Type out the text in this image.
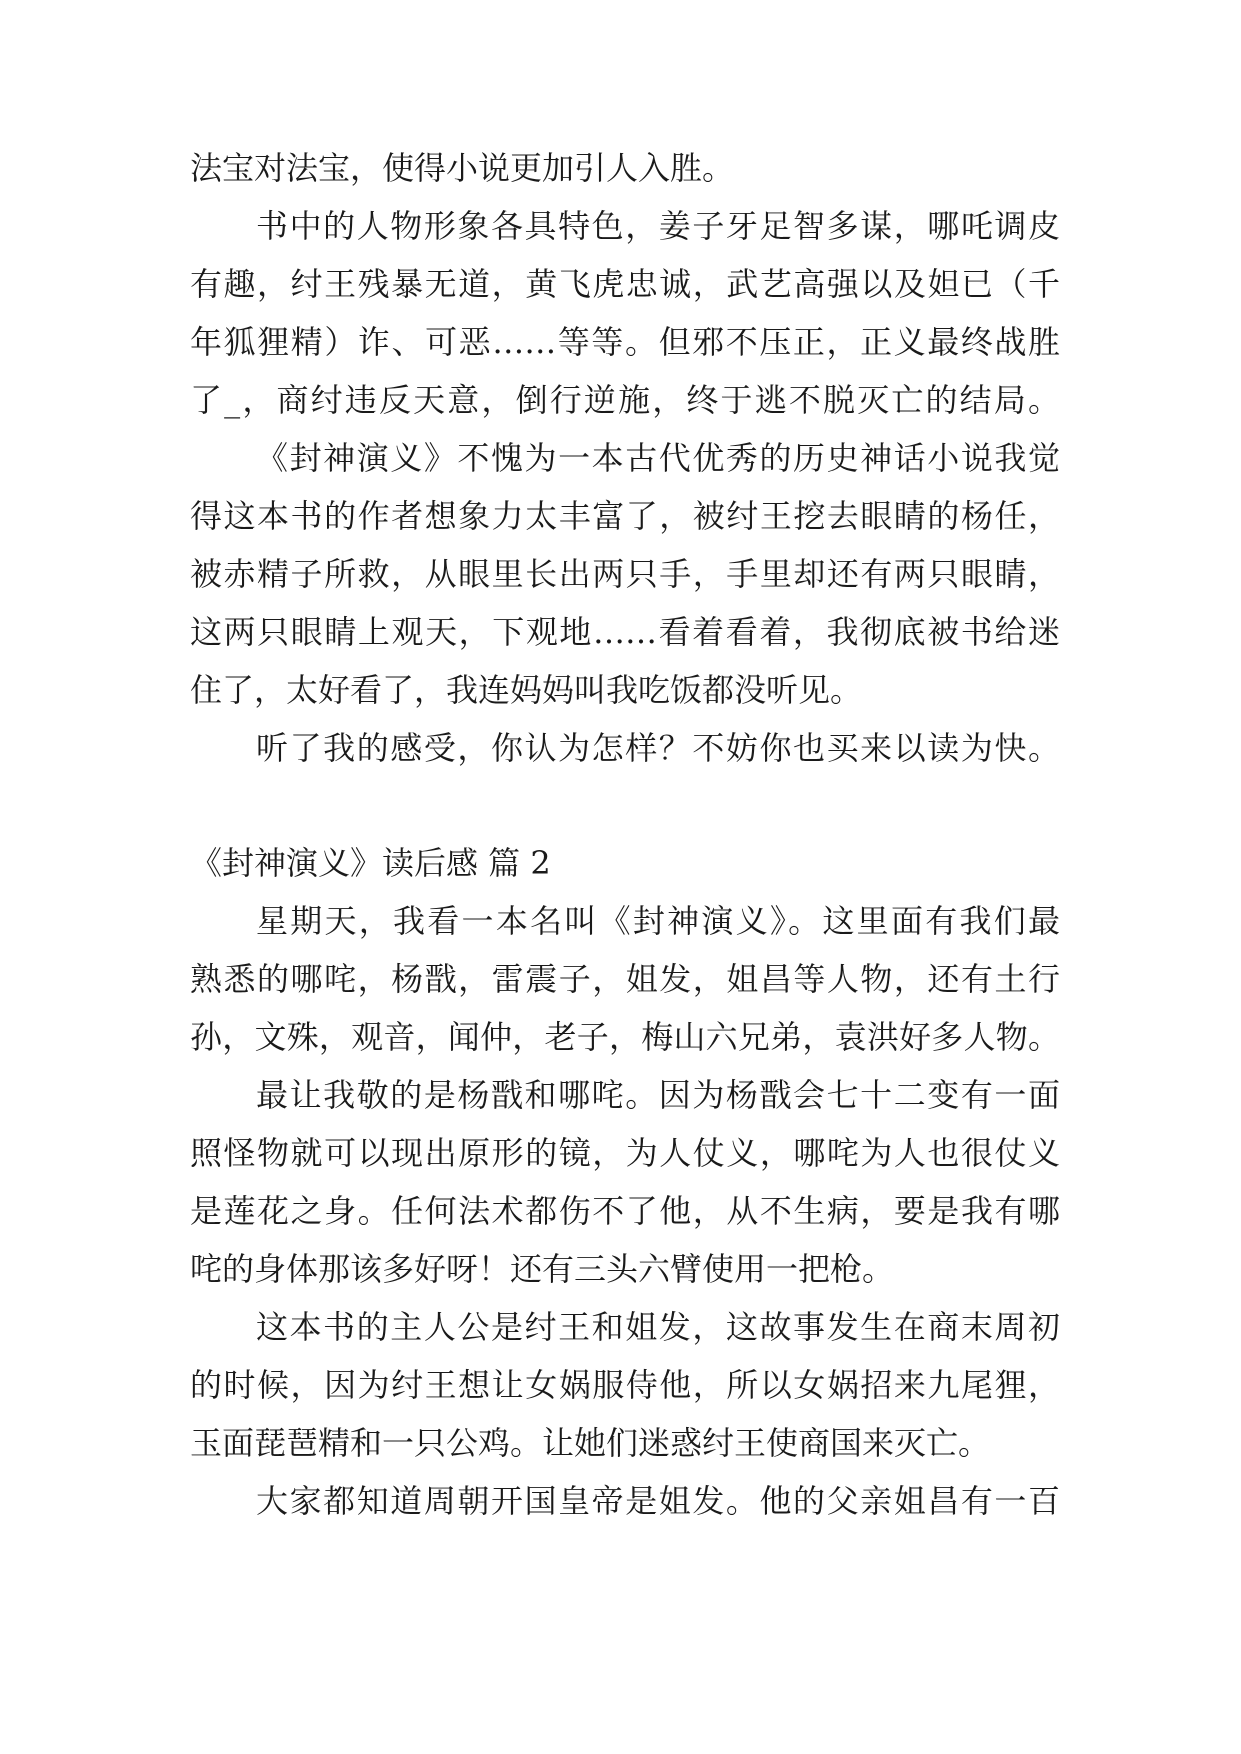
法宝对法宝，使得小说更加引人入胜。
书中的人物形象各具特色，姜子牙足智多谋，哪吒调皮
有趣，纣王残暴无道，黄飞虎忠诚，武艺高强以及妲已（千
年狐狸精）诈、可恶……等等。但邪不压正，正义最终战胜
了_，商纣违反天意，倒行逆施，终于逃不脱灭亡的结局。
《封神演义》不愧为一本古代优秀的历史神话小说我觉
得这本书的作者想象力太丰富了，被纣王挖去眼睛的杨任，
被赤精子所救，从眼里长出两只手，手里却还有两只眼睛，
这两只眼睛上观天，下观地……看着看着，我彻底被书给迷
住了，太好看了，我连妈妈叫我吃饭都没听见。
听了我的感受，你认为怎样？不妨你也买来以读为快。
《封神演义》读后感 篇 2
星期天，我看一本名叫《封神演义》。这里面有我们最
熟悉的哪咤，杨戬，雷震子，姐发，姐昌等人物，还有土行
孙，文殊，观音，闻仲，老子，梅山六兄弟，袁洪好多人物。
最让我敬的是杨戬和哪咤。因为杨戬会七十二变有一面
照怪物就可以现出原形的镜，为人仗义，哪咤为人也很仗义
是莲花之身。任何法术都伤不了他，从不生病，要是我有哪
咤的身体那该多好呀！还有三头六臂使用一把枪。
这本书的主人公是纣王和姐发，这故事发生在商末周初
的时候，因为纣王想让女娲服侍他，所以女娲招来九尾狸，
玉面琵琶精和一只公鸡。让她们迷惑纣王使商国来灭亡。
大家都知道周朝开国皇帝是姐发。他的父亲姐昌有一百
